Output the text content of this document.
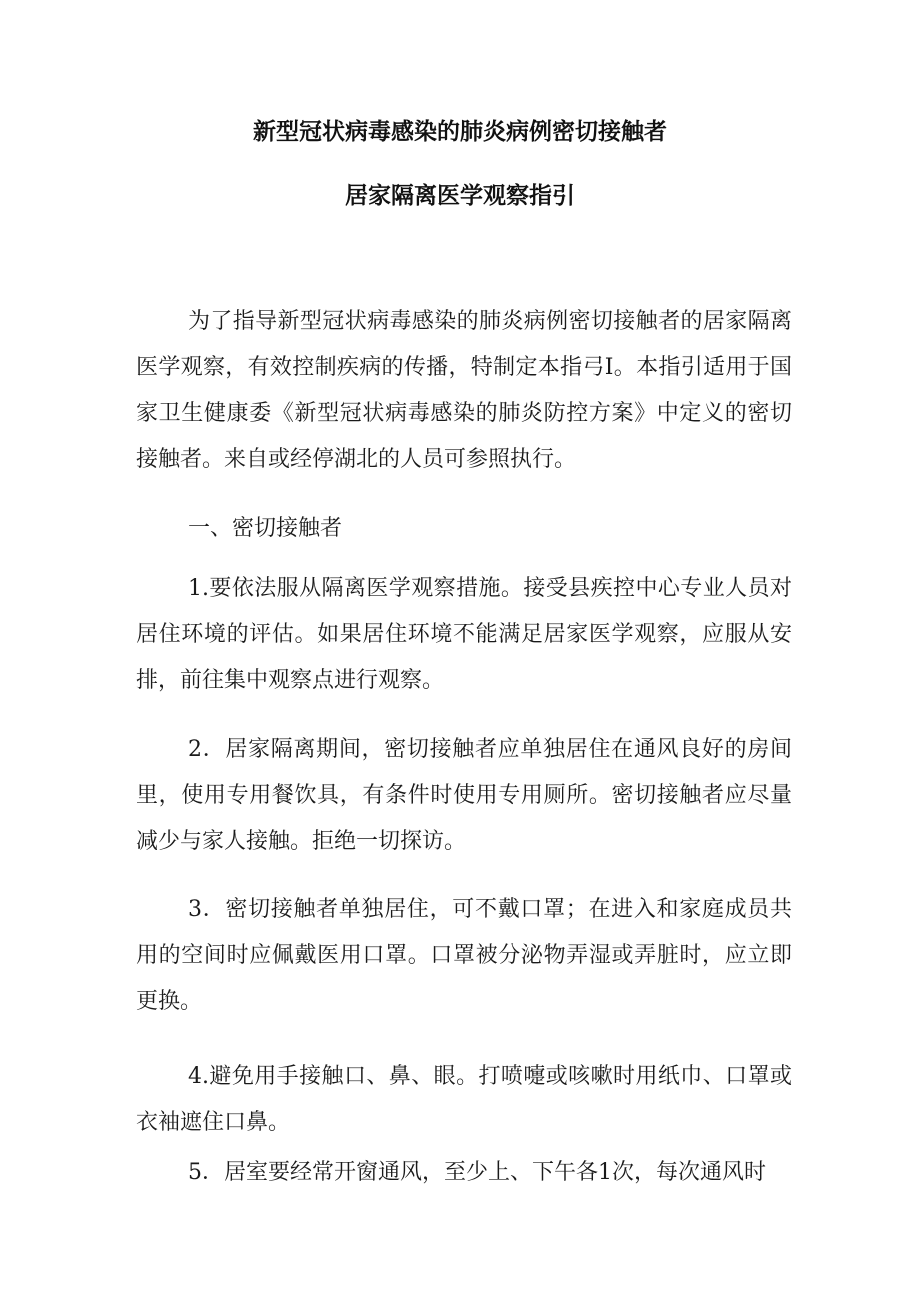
新型冠状病毒感染的肺炎病例密切接触者
居家隔离医学观察指引

为了指导新型冠状病毒感染的肺炎病例密切接触者的居家隔离医学观察，有效控制疾病的传播，特制定本指弓I。本指引适用于国家卫生健康委《新型冠状病毒感染的肺炎防控方案》中定义的密切接触者。来自或经停湖北的人员可参照执行。

一、密切接触者

1.要依法服从隔离医学观察措施。接受县疾控中心专业人员对居住环境的评估。如果居住环境不能满足居家医学观察，应服从安排，前往集中观察点进行观察。

2．居家隔离期间，密切接触者应单独居住在通风良好的房间里，使用专用餐饮具，有条件时使用专用厕所。密切接触者应尽量减少与家人接触。拒绝一切探访。

3．密切接触者单独居住，可不戴口罩；在进入和家庭成员共用的空间时应佩戴医用口罩。口罩被分泌物弄湿或弄脏时，应立即更换。

4.避免用手接触口、鼻、眼。打喷嚏或咳嗽时用纸巾、口罩或衣袖遮住口鼻。

5．居室要经常开窗通风，至少上、下午各1次，每次通风时
